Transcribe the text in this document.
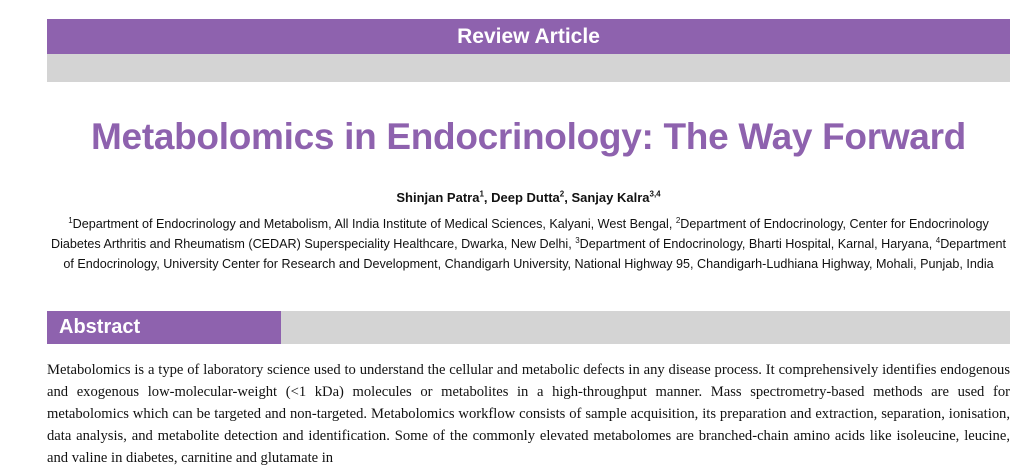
Review Article
Metabolomics in Endocrinology: The Way Forward
Shinjan Patra$^1$, Deep Dutta$^2$, Sanjay Kalra$^{3,4}$
$^1$Department of Endocrinology and Metabolism, All India Institute of Medical Sciences, Kalyani, West Bengal, $^2$Department of Endocrinology, Center for Endocrinology Diabetes Arthritis and Rheumatism (CEDAR) Superspeciality Healthcare, Dwarka, New Delhi, $^3$Department of Endocrinology, Bharti Hospital, Karnal, Haryana, $^4$Department of Endocrinology, University Center for Research and Development, Chandigarh University, National Highway 95, Chandigarh-Ludhiana Highway, Mohali, Punjab, India
Abstract
Metabolomics is a type of laboratory science used to understand the cellular and metabolic defects in any disease process. It comprehensively identifies endogenous and exogenous low-molecular-weight (<1 kDa) molecules or metabolites in a high-throughput manner. Mass spectrometry-based methods are used for metabolomics which can be targeted and non-targeted. Metabolomics workflow consists of sample acquisition, its preparation and extraction, separation, ionisation, data analysis, and metabolite detection and identification. Some of the commonly elevated metabolomes are branched-chain amino acids like isoleucine, leucine, and valine in diabetes, carnitine and glutamate in
